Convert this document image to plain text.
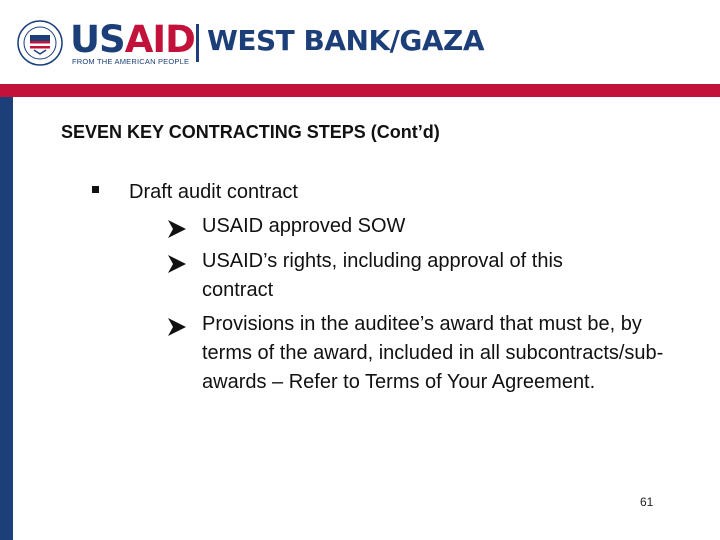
USAID
FROM THE AMERICAN PEOPLE
WEST BANK/GAZA
SEVEN KEY CONTRACTING STEPS (Cont’d)
Draft audit contract
USAID approved SOW
USAID’s rights, including approval of this contract
Provisions in the auditee’s award that must be, by terms of the award, included in all subcontracts/sub-awards – Refer to Terms of Your Agreement.
61
